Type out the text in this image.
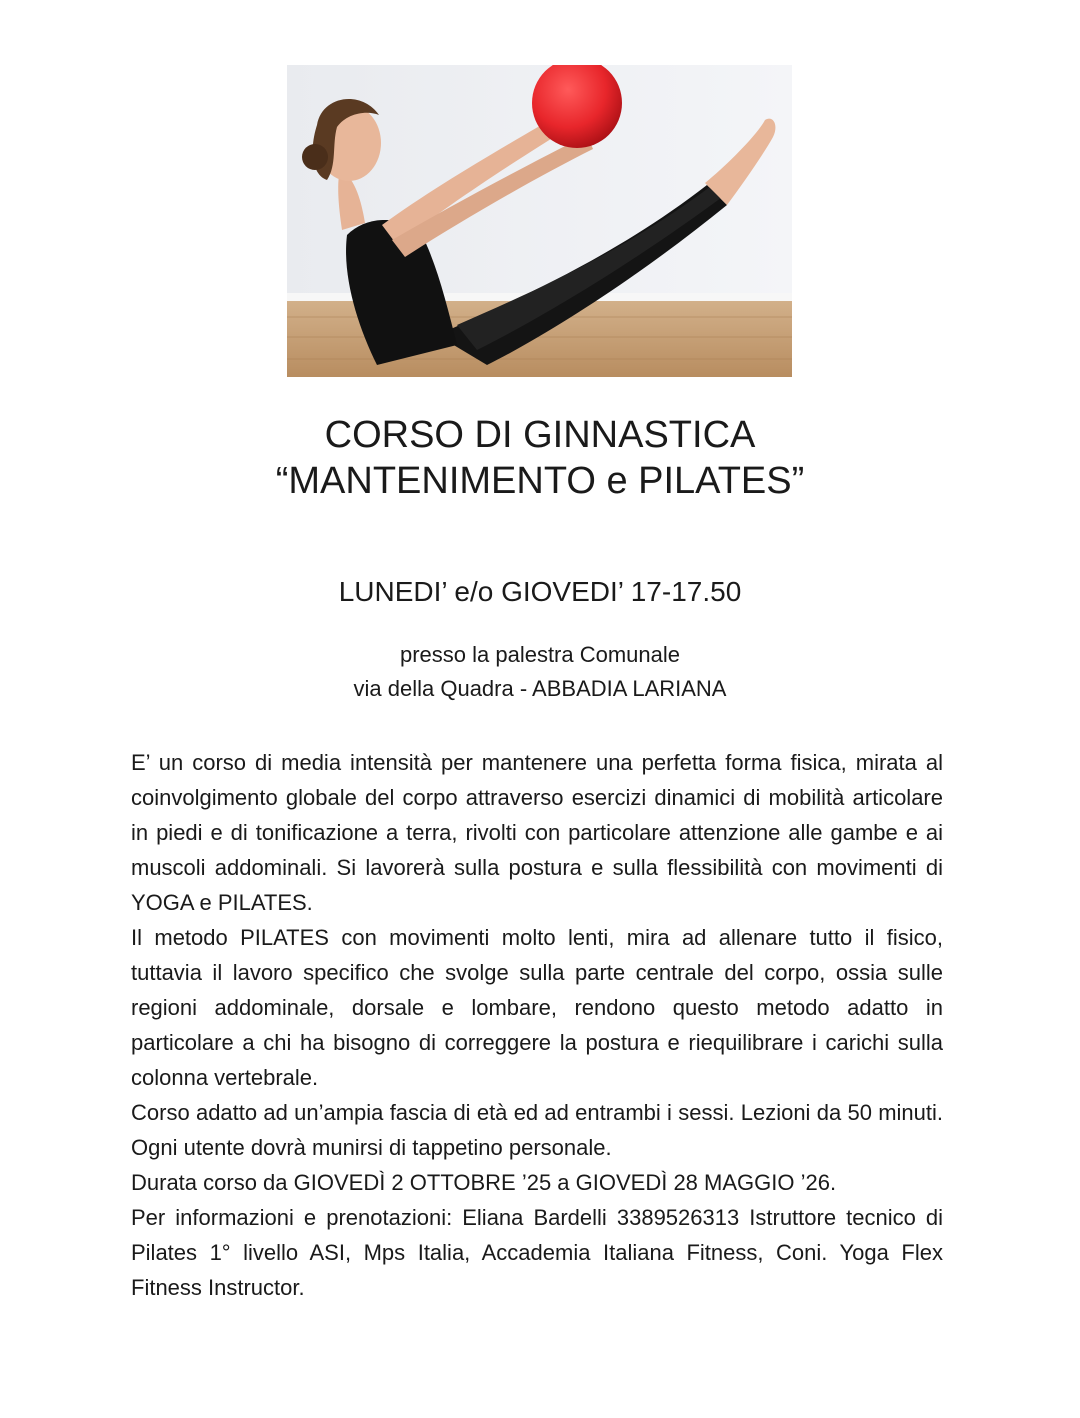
CORSO DI GINNASTICA
“MANTENIMENTO e PILATES”
LUNEDI’ e/o GIOVEDI’ 17-17.50
presso la palestra Comunale
via della Quadra - ABBADIA LARIANA

E’ un corso di media intensità per mantenere una perfetta forma fisica, mirata al coinvolgimento globale del corpo attraverso esercizi dinamici di mobilità articolare in piedi e di tonificazione a terra, rivolti con particolare attenzione alle gambe e ai muscoli addominali. Si lavorerà sulla postura e sulla flessibilità con movimenti di YOGA e PILATES.

Il metodo PILATES con movimenti molto lenti, mira ad allenare tutto il fisico, tuttavia il lavoro specifico che svolge sulla parte centrale del corpo, ossia sulle regioni addominale, dorsale e lombare, rendono questo metodo adatto in particolare a chi ha bisogno di correggere la postura e riequilibrare i carichi sulla colonna vertebrale.

Corso adatto ad un’ampia fascia di età ed ad entrambi i sessi. Lezioni da 50 minuti. Ogni utente dovrà munirsi di tappetino personale.

Durata corso da GIOVEDÌ 2 OTTOBRE ’25 a GIOVEDÌ 28 MAGGIO ’26.

Per informazioni e prenotazioni: Eliana Bardelli 3389526313 Istruttore tecnico di Pilates 1° livello ASI, Mps Italia, Accademia Italiana Fitness, Coni. Yoga Flex Fitness Instructor.
